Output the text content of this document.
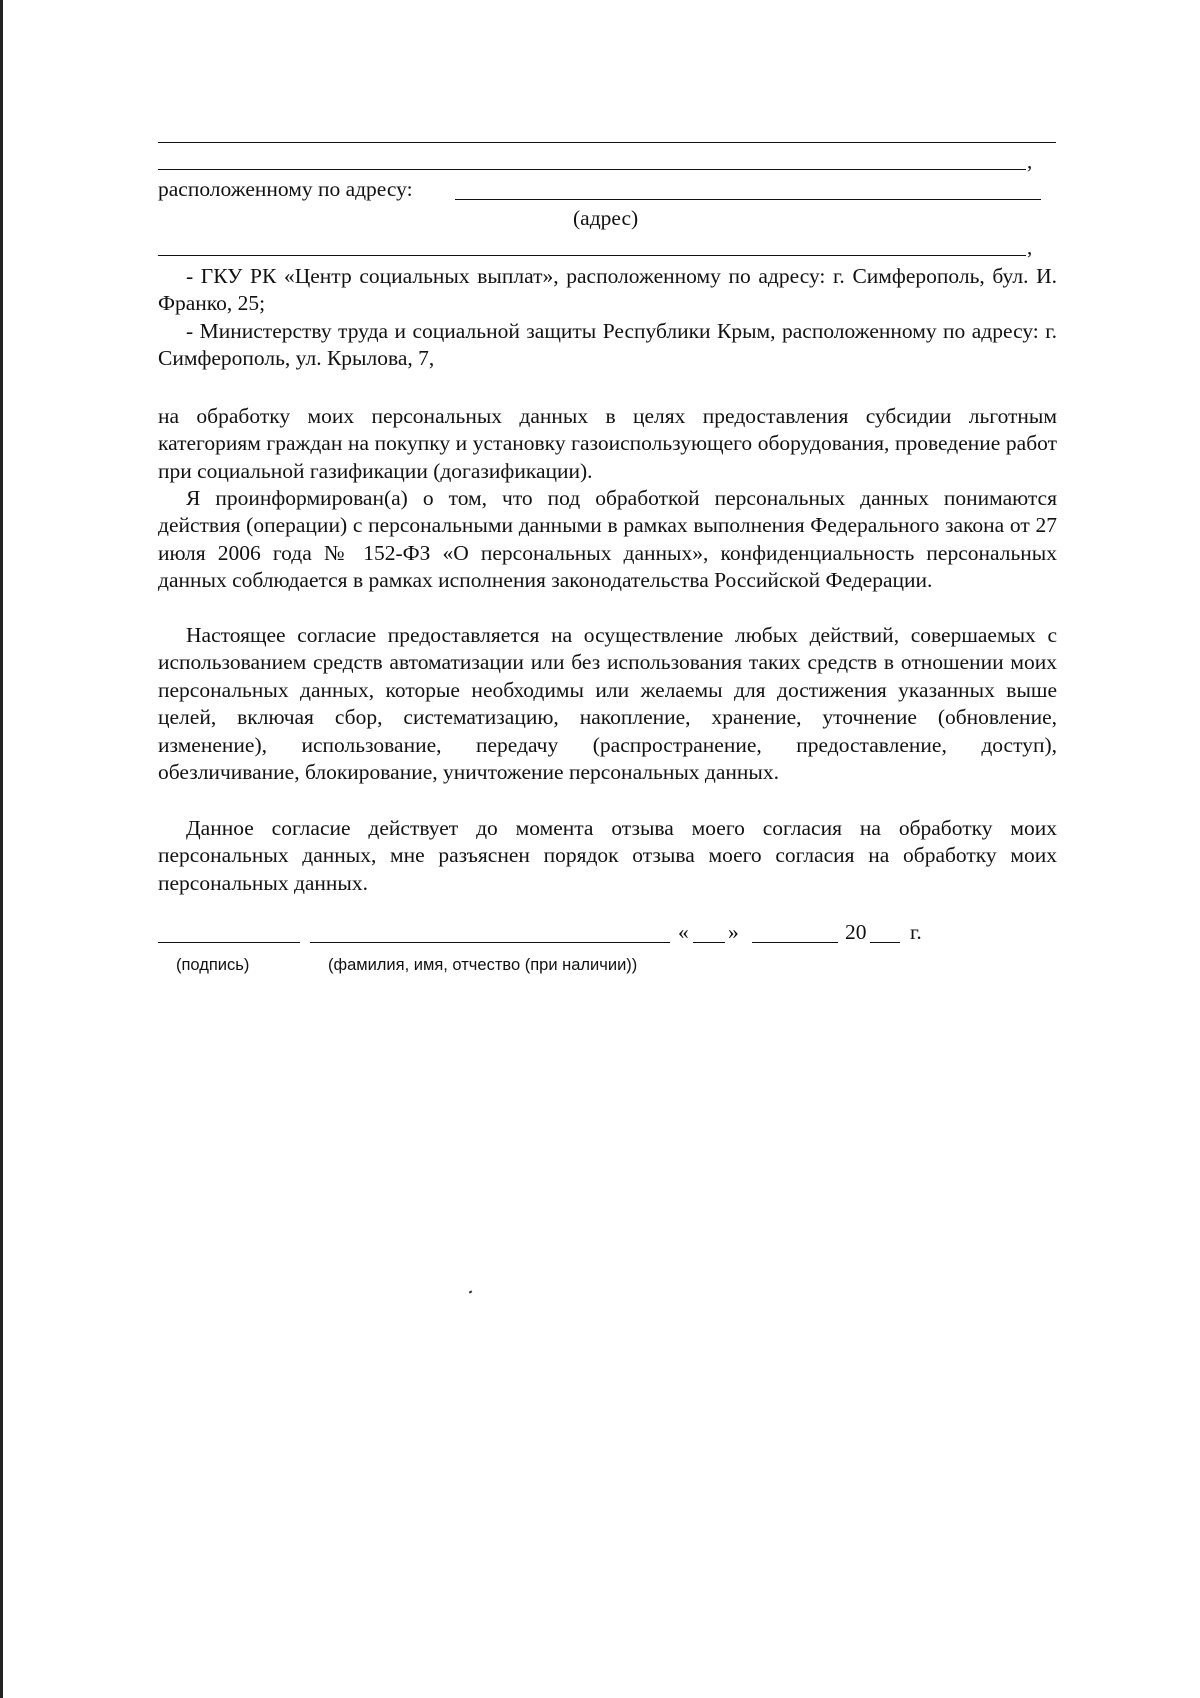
,
расположенному по адресу:
(адрес)
,
- ГКУ РК «Центр социальных выплат», расположенному по адресу: г. Симферополь, бул. И. Франко, 25;
- Министерству труда и социальной защиты Республики Крым, расположенному по адресу: г. Симферополь, ул. Крылова, 7,
на обработку моих персональных данных в целях предоставления субсидии льготным категориям граждан на покупку и установку газоиспользующего оборудования, проведение работ при социальной газификации (догазификации).
Я проинформирован(а) о том, что под обработкой персональных данных понимаются действия (операции) с персональными данными в рамках выполнения Федерального закона от 27 июля 2006 года № 152-ФЗ «О персональных данных», конфиденциальность персональных данных соблюдается в рамках исполнения законодательства Российской Федерации.
Настоящее согласие предоставляется на осуществление любых действий, совершаемых с использованием средств автоматизации или без использования таких средств в отношении моих персональных данных, которые необходимы или желаемы для достижения указанных выше целей, включая сбор, систематизацию, накопление, хранение, уточнение (обновление, изменение), использование, передачу (распространение, предоставление, доступ), обезличивание, блокирование, уничтожение персональных данных.
Данное согласие действует до момента отзыва моего согласия на обработку моих персональных данных, мне разъяснен порядок отзыва моего согласия на обработку моих персональных данных.
« »	20 г.
(подпись)	(фамилия, имя, отчество (при наличии))
